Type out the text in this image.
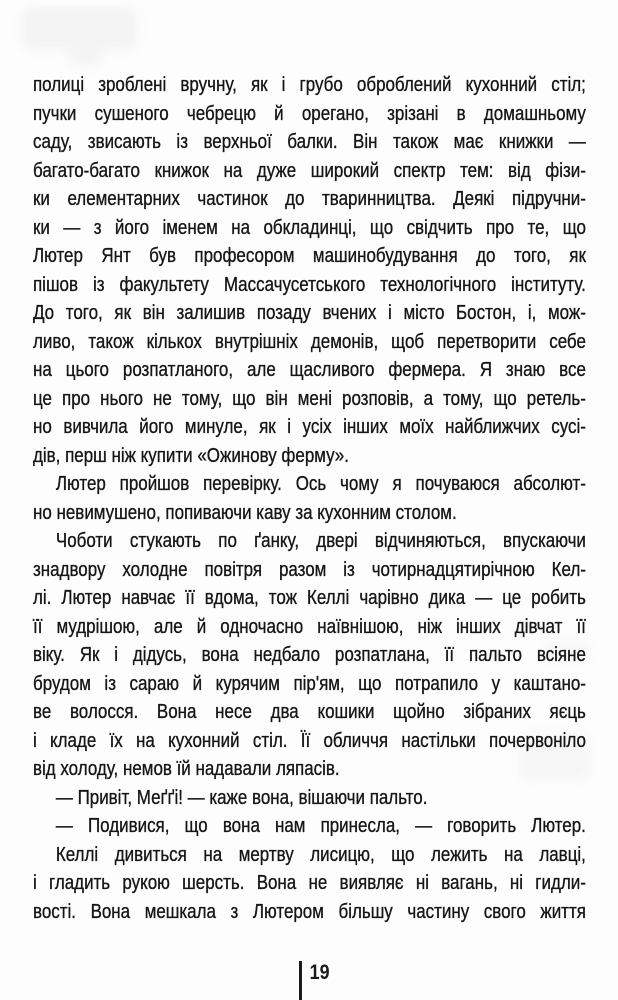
полиці зроблені вручну, як і грубо оброблений кухонний стіл;
пучки сушеного чебрецю й орегано, зрізані в домашньому
саду, звисають із верхньої балки. Він також має книжки —
багато-багато книжок на дуже широкий спектр тем: від фізи-
ки елементарних частинок до тваринництва. Деякі підручни-
ки — з його іменем на обкладинці, що свідчить про те, що
Лютер Янт був професором машинобудування до того, як
пішов із факультету Массачусетського технологічного інституту.
До того, як він залишив позаду вчених і місто Бостон, і, мож-
ливо, також кількох внутрішніх демонів, щоб перетворити себе
на цього розпатланого, але щасливого фермера. Я знаю все
це про нього не тому, що він мені розповів, а тому, що ретель-
но вивчила його минуле, як і усіх інших моїх найближчих сусі-
дів, перш ніж купити «Ожинову ферму».
Лютер пройшов перевірку. Ось чому я почуваюся абсолют-
но невимушено, попиваючи каву за кухонним столом.
Чоботи стукають по ґанку, двері відчиняються, впускаючи
знадвору холодне повітря разом із чотирнадцятирічною Кел-
лі. Лютер навчає її вдома, тож Келлі чарівно дика — це робить
її мудрішою, але й одночасно наївнішою, ніж інших дівчат її
віку. Як і дідусь, вона недбало розпатлана, її пальто всіяне
брудом із сараю й курячим пір'ям, що потрапило у каштано-
ве волосся. Вона несе два кошики щойно зібраних яєць
і кладе їх на кухонний стіл. Її обличчя настільки почервоніло
від холоду, немов їй надавали ляпасів.
— Привіт, Меґґі! — каже вона, вішаючи пальто.
— Подивися, що вона нам принесла, — говорить Лютер.
Келлі дивиться на мертву лисицю, що лежить на лавці,
і гладить рукою шерсть. Вона не виявляє ні вагань, ні гидли-
вості. Вона мешкала з Лютером більшу частину свого життя
19
